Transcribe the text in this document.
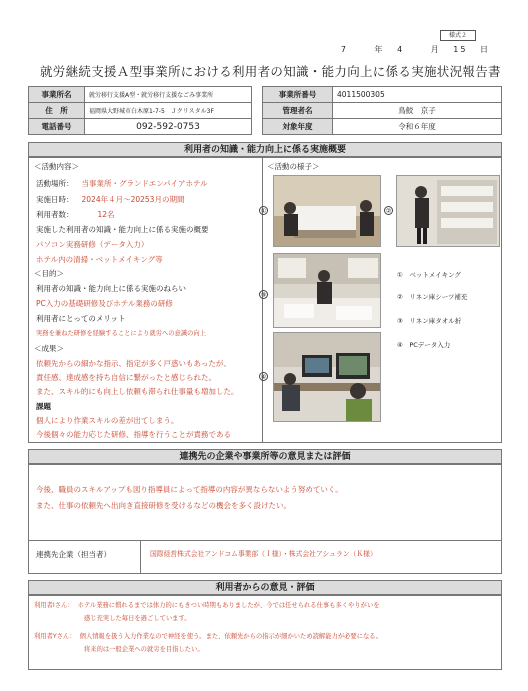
様式２
7	年 4	月 15 日
就労継続支援Ａ型事業所における利用者の知識・能力向上に係る実施状況報告書
事業所名	就労移行支援A型・就労移行支援なごみ事業所
住　所	福岡県大野城市白木原1-7-5　Ｊクリスタル3F
電話番号	092-592-0753
事業所番号	4011500305
管理者名	鳥鮫　京子
対象年度	令和６年度
利用者の知識・能力向上に係る実施概要
＜活動内容＞
活動場所： 当事業所・グランドエンパイアホテル
実施日時： 2024年４月～20253月の期間
利用者数：	12名
実施した利用者の知識・能力向上に係る実施の概要
パソコン実務研修（データ入力）
ホテル内の清掃・ベットメイキング等
＜目的＞
利用者の知識・能力向上に係る実施のねらい
PC入力の基礎研修及びホテル業務の研修
利用者にとってのメリット
実務を兼ねた研修を経験することにより就労への意識の向上
＜成果＞
依頼先からの細かな指示、指定が多く戸惑いもあったが、
責任感、達成感を持ち自信に繋がったと感じられた。
また、スキル的にも向上し依頼も滞られ仕事量も増加した。
課題
個人により作業スキルの差が出てしまう。
今後個々の能力応じた研修、指導を行うことが責務である
＜活動の様子＞
①	②
③
④
①　ベットメイキング
②　リネン庫シーツ補充
③　リネン庫タオル折
④　PCデータ入力
連携先の企業や事業所等の意見または評価
今後、職員のスキルアップも図り指導員によって指導の内容が異ならないよう努めていく。
また、仕事の依頼先へ出向き直接研修を受けるなどの機会を多く設けたい。
連携先企業（担当者）	国際経営株式会社アンドコム事業部（Ｉ様）・株式会社アシュラン（Ｋ様）
利用者からの意見・評価
利用者Iさん： ホテル業務に慣れるまでは体力的にもきつい時期もありましたが、今では任せられる仕事も多くやりがいを
感じ充実した毎日を過ごしています。
利用者Yさん： 個人情報を扱う入力作業なので神経を使う。また、依頼先からの指示が細かいため読解能力が必要になる。
将来的は一般企業への就労を目指したい。
